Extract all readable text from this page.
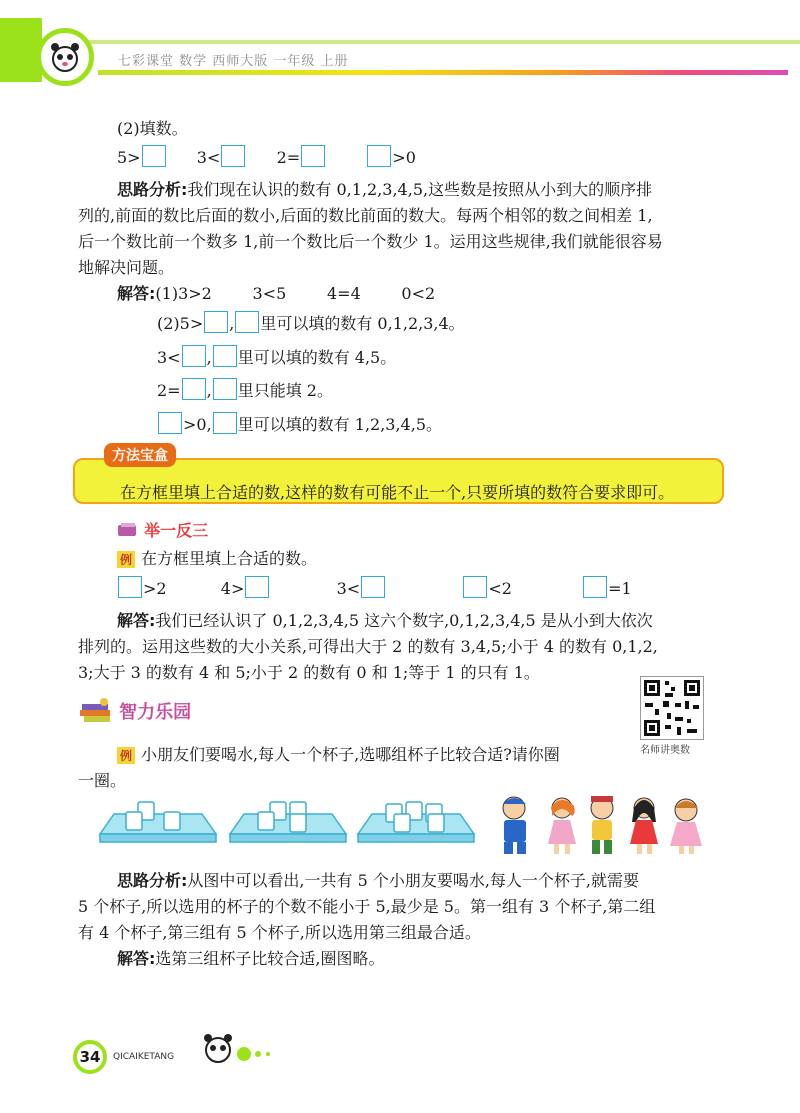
七彩课堂 数学 西师大版 一年级 上册
(2)填数。
5>	3<	2=	>0
思路分析:我们现在认识的数有 0,1,2,3,4,5,这些数是按照从小到大的顺序排
列的,前面的数比后面的数小,后面的数比前面的数大。每两个相邻的数之间相差 1,
后一个数比前一个数多 1,前一个数比后一个数少 1。运用这些规律,我们就能很容易
地解决问题。
解答:(1)3>2        3<5        4=4        0<2
(2)5> , 里可以填的数有 0,1,2,3,4。
3< , 里可以填的数有 4,5。
2= , 里只能填 2。
>0, 里可以填的数有 1,2,3,4,5。
方法宝盒
在方框里填上合适的数,这样的数有可能不止一个,只要所填的数符合要求即可。
举一反三
例 在方框里填上合适的数。
>2	4>	3<	<2	=1
解答:我们已经认识了 0,1,2,3,4,5 这六个数字,0,1,2,3,4,5 是从小到大依次
排列的。运用这些数的大小关系,可得出大于 2 的数有 3,4,5;小于 4 的数有 0,1,2,
3;大于 3 的数有 4 和 5;小于 2 的数有 0 和 1;等于 1 的只有 1。
智力乐园
名师讲奥数
例 小朋友们要喝水,每人一个杯子,选哪组杯子比较合适?请你圈
一圈。
思路分析:从图中可以看出,一共有 5 个小朋友要喝水,每人一个杯子,就需要
5 个杯子,所以选用的杯子的个数不能小于 5,最少是 5。第一组有 3 个杯子,第二组
有 4 个杯子,第三组有 5 个杯子,所以选用第三组最合适。
解答:选第三组杯子比较合适,圈图略。
34	QICAIKETANG
